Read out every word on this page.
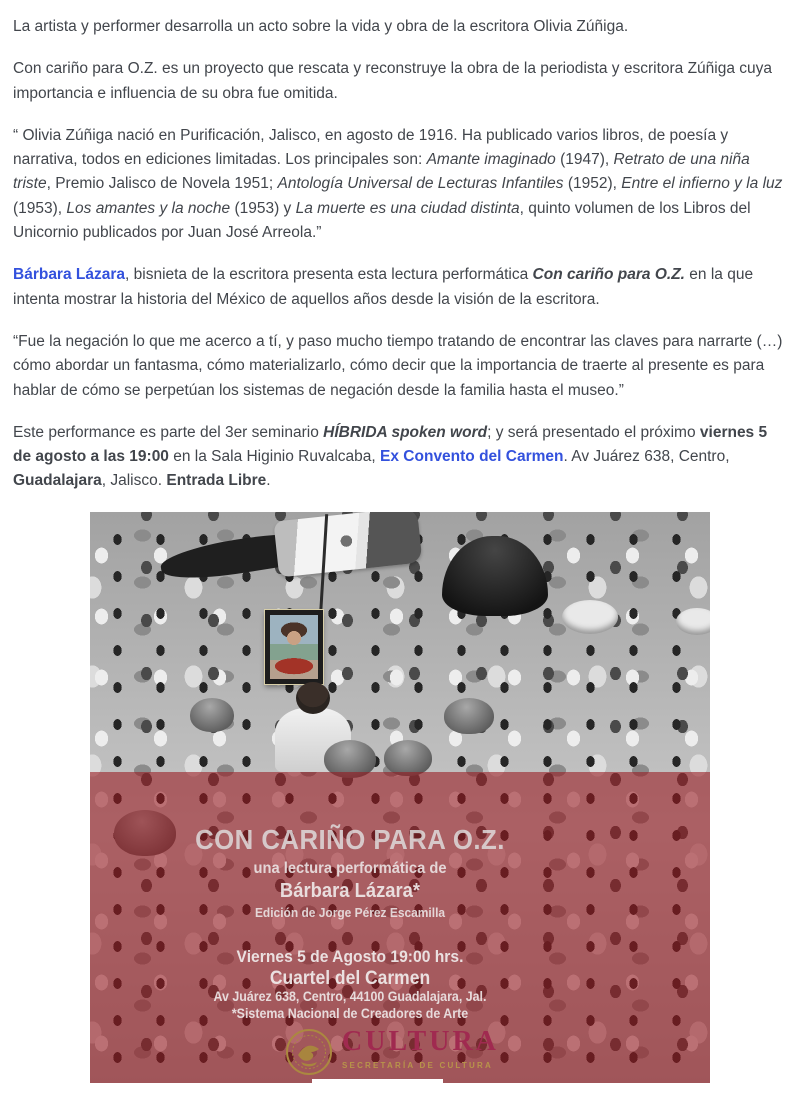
La artista y performer desarrolla un acto sobre la vida y obra de la escritora Olivia Zúñiga.

Con cariño para O.Z. es un proyecto que rescata y reconstruye la obra de la periodista y escritora Zúñiga cuya importancia e influencia de su obra fue omitida.

“ Olivia Zúñiga nació en Purificación, Jalisco, en agosto de 1916. Ha publicado varios libros, de poesía y narrativa, todos en ediciones limitadas. Los principales son: Amante imaginado (1947), Retrato de una niña triste, Premio Jalisco de Novela 1951; Antología Universal de Lecturas Infantiles (1952), Entre el infierno y la luz (1953), Los amantes y la noche (1953) y La muerte es una ciudad distinta, quinto volumen de los Libros del Unicornio publicados por Juan José Arreola.”

Bárbara Lázara, bisnieta de la escritora presenta esta lectura performática Con cariño para O.Z. en la que intenta mostrar la historia del México de aquellos años desde la visión de la escritora.

“Fue la negación lo que me acerco a tí, y paso mucho tiempo tratando de encontrar las claves para narrarte (…) cómo abordar un fantasma, cómo materializarlo, cómo decir que la importancia de traerte al presente es para hablar de cómo se perpetúan los sistemas de negación desde la familia hasta el museo.”

Este performance es parte del 3er seminario HÍBRIDA spoken word; y será presentado el próximo viernes 5 de agosto a las 19:00 en la Sala Higinio Ruvalcaba, Ex Convento del Carmen. Av Juárez 638, Centro, Guadalajara, Jalisco. Entrada Libre.

CON CARIÑO PARA O.Z.
una lectura performática de
Bárbara Lázara*
Edición de Jorge Pérez Escamilla
Viernes 5 de Agosto 19:00 hrs.
Cuartel del Carmen
Av Juárez 638, Centro, 44100 Guadalajara, Jal.
*Sistema Nacional de Creadores de Arte
CULTURA
SECRETARÍA DE CULTURA
